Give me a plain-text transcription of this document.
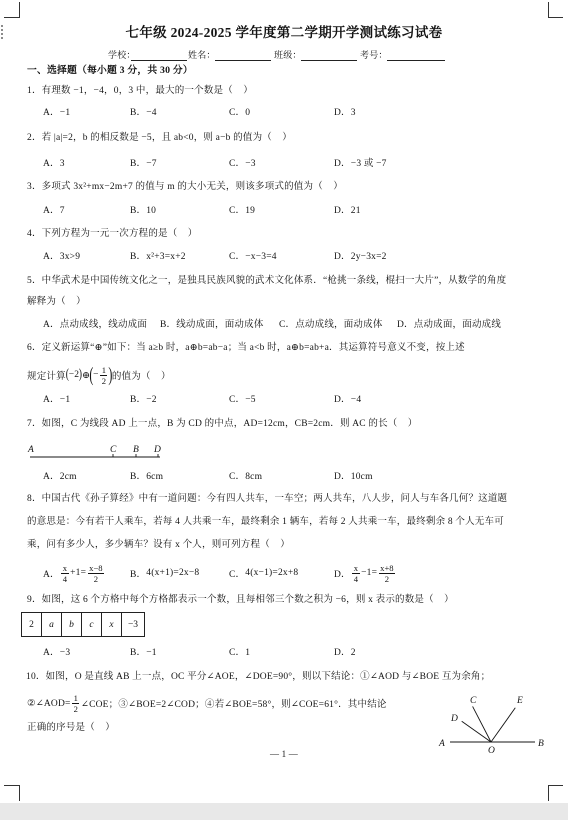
七年级 2024-2025 学年度第二学期开学测试练习试卷
学校：	姓名：	班级：	考号：
一、选择题（每小题 3 分，共 30 分）
1．有理数 −1，−4，0，3 中，最大的一个数是（    ）
A．−1	B．−4	C．0	D．3
2．若 |a|=2，b 的相反数是 −5，且 ab<0，则 a−b 的值为（    ）
A．3	B．−7	C．−3	D．−3 或 −7
3．多项式 3x²+mx−2m+7 的值与 m 的大小无关，则该多项式的值为（    ）
A．7	B．10	C．19	D．21
4．下列方程为一元一次方程的是（    ）
A．3x>9	B．x²+3=x+2	C．−x−3=4	D．2y−3x=2
5．中华武术是中国传统文化之一，是独具民族风貌的武术文化体系．“枪挑一条线，棍扫一大片”，从数学的角度
解释为（    ）
A．点动成线，线动成面 B．线动成面，面动成体 C．点动成线，面动成体 D．点动成面，面动成线
6．定义新运算“⊕”如下：当 a≥b 时，a⊕b=ab−a；当 a<b 时，a⊕b=ab+a．其运算符号意义不变，按上述
规定计算 ( −2 ) ⊕ ( − $\frac{1}{2}$ ) 的值为（    ）
A．−1	B．−2	C．−5	D．−4
7．如图，C 为线段 AD 上一点，B 为 CD 的中点，AD=12cm，CB=2cm．则 AC 的长（    ）
A	C B D
A．2cm	B．6cm	C．8cm	D．10cm
8．中国古代《孙子算经》中有一道问题：今有四人共车，一车空；两人共车，八人步，问人与车各几何？这道题
的意思是：今有若干人乘车，若每 4 人共乘一车，最终剩余 1 辆车，若每 2 人共乘一车，最终剩余 8 个人无车可
乘，问有多少人，多少辆车？设有 x 个人，则可列方程（    ）
A． $\frac{x}{4} +1= \frac{x-8}{2}$	B． 4(x+1)=2x−8	C． 4(x−1)=2x+8	D． $\frac{x}{4} -1= \frac{x+8}{2}$
9．如图，这 6 个方格中每个方格都表示一个数，且每相邻三个数之积为 −6，则 x 表示的数是（    ）
2	a	b	c	x	−3
A．−3	B．−1	C．1	D．2
10．如图，O 是直线 AB 上一点，OC 平分∠AOE，∠DOE=90°，则以下结论：①∠AOD 与∠BOE 互为余角；
②∠AOD= $\frac{1}{2}$ ∠COE；③∠BOE=2∠COD；④若∠BOE=58°，则∠COE=61°．其中结论
正确的序号是（    ）
A	B
O
C
D
E
— 1 —
